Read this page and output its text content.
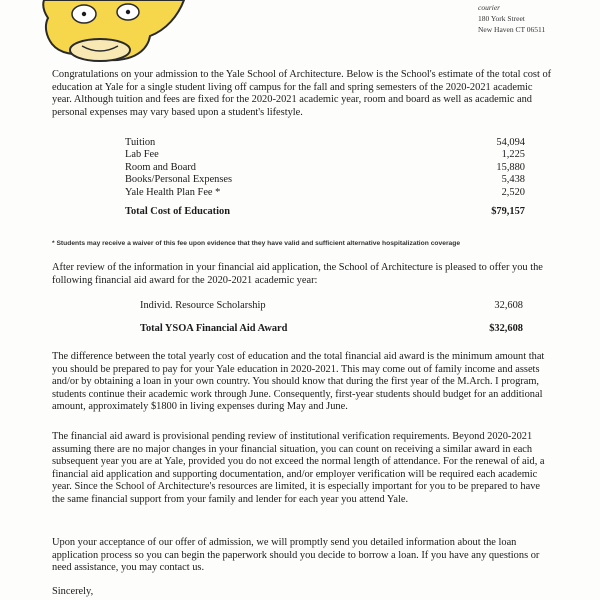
courier
180 York Street
New Haven CT 06511

Congratulations on your admission to the Yale School of Architecture. Below is the School's estimate of the total cost of education at Yale for a single student living off campus for the fall and spring semesters of the 2020-2021 academic year. Although tuition and fees are fixed for the 2020-2021 academic year, room and board as well as academic and personal expenses may vary based upon a student's lifestyle.

Tuition	54,094
Lab Fee	1,225
Room and Board	15,880
Books/Personal Expenses	5,438
Yale Health Plan Fee *	2,520
Total Cost of Education	$79,157
* Students may receive a waiver of this fee upon evidence that they have valid and sufficient alternative hospitalization coverage

After review of the information in your financial aid application, the School of Architecture is pleased to offer you the following financial aid award for the 2020-2021 academic year:

Individ. Resource Scholarship	32,608
Total YSOA Financial Aid Award	$32,608

The difference between the total yearly cost of education and the total financial aid award is the minimum amount that you should be prepared to pay for your Yale education in 2020-2021. This may come out of family income and assets and/or by obtaining a loan in your own country. You should know that during the first year of the M.Arch. I program, students continue their academic work through June. Consequently, first-year students should budget for an additional amount, approximately $1800 in living expenses during May and June.

The financial aid award is provisional pending review of institutional verification requirements. Beyond 2020-2021 assuming there are no major changes in your financial situation, you can count on receiving a similar award in each subsequent year you are at Yale, provided you do not exceed the normal length of attendance. For the renewal of aid, a financial aid application and supporting documentation, and/or employer verification will be required each academic year. Since the School of Architecture's resources are limited, it is especially important for you to be prepared to have the same financial support from your family and lender for each year you attend Yale.

Upon your acceptance of our offer of admission, we will promptly send you detailed information about the loan application process so you can begin the paperwork should you decide to borrow a loan. If you have any questions or need assistance, you may contact us.

Sincerely,
